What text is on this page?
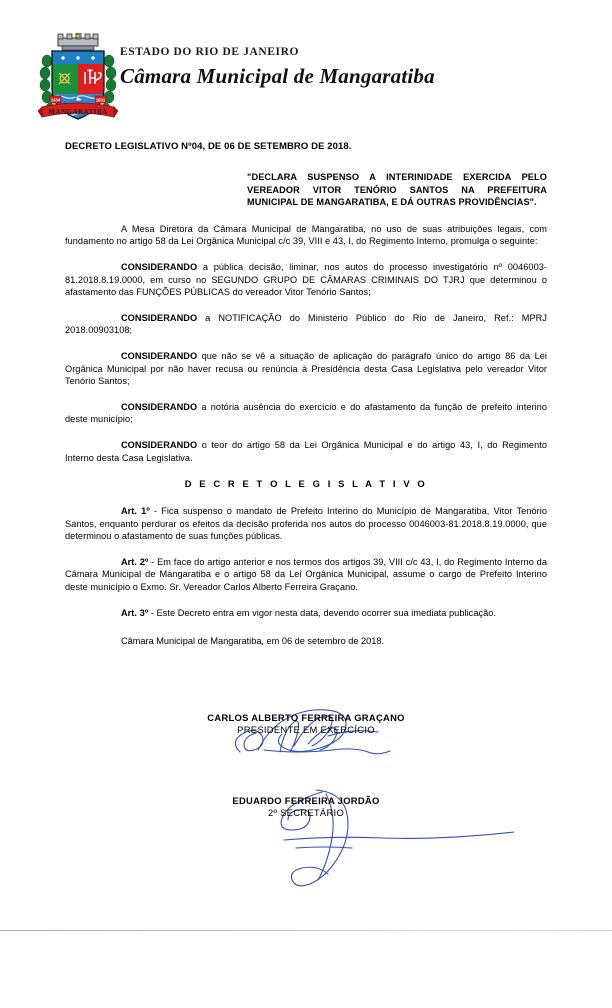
1434	1831
MANGARATIBA
ESTADO DO RIO DE JANEIRO
Câmara Municipal de Mangaratiba
DECRETO LEGISLATIVO Nº04, DE 06 DE SETEMBRO DE 2018.
"DECLARA SUSPENSO A INTERINIDADE EXERCIDA PELO VEREADOR VITOR TENÓRIO SANTOS NA PREFEITURA MUNICIPAL DE MANGARATIBA, E DÁ OUTRAS PROVIDÊNCIAS".

A Mesa Diretora da Câmara Municipal de Mangaratiba, no uso de suas atribuições legais, com fundamento no artigo 58 da Lei Orgânica Municipal c/c 39, VIII e 43, I, do Regimento Interno, promulga o seguinte:

CONSIDERANDO a pública decisão, liminar, nos autos do processo investigatório nº 0046003-81.2018.8.19.0000, em curso no SEGUNDO GRUPO DE CÂMARAS CRIMINAIS DO TJRJ que determinou o afastamento das FUNÇÕES PÚBLICAS do vereador Vitor Tenório Santos;

CONSIDERANDO a NOTIFICAÇÃO do Ministério Público do Rio de Janeiro, Ref.: MPRJ 2018.00903108;

CONSIDERANDO que não se vê a situação de aplicação do parágrafo único do artigo 86 da Lei Orgânica Municipal por não haver recusa ou renúncia à Presidência desta Casa Legislativa pelo vereador Vitor Tenório Santos;

CONSIDERANDO a notória ausência do exercício e do afastamento da função de prefeito interino deste município;

CONSIDERANDO o teor do artigo 58 da Lei Orgânica Municipal e do artigo 43, I, do Regimento Interno desta Casa Legislativa.

D E C R E T O L E G I S L A T I V O

Art. 1º - Fica suspenso o mandato de Prefeito Interino do Município de Mangaratiba, Vitor Tenório Santos, enquanto perdurar os efeitos da decisão proferida nos autos do processo 0046003-81.2018.8.19.0000, que determinou o afastamento de suas funções públicas.

Art. 2º - Em face do artigo anterior e nos termos dos artigos 39, VIII c/c 43, I, do Regimento Interno da Câmara Municipal de Mangaratiba e o artigo 58 da Lei Orgânica Municipal, assume o cargo de Prefeito Interino deste município o Exmo. Sr. Vereador Carlos Alberto Ferreira Graçano.

Art. 3º - Este Decreto entra em vigor nesta data, devendo ocorrer sua imediata publicação.

Câmara Municipal de Mangaratiba, em 06 de setembro de 2018.

CARLOS ALBERTO FERREIRA GRAÇANO
PRESIDENTE EM EXERCÍCIO
EDUARDO FERREIRA JORDÃO
2º SECRETÁRIO
